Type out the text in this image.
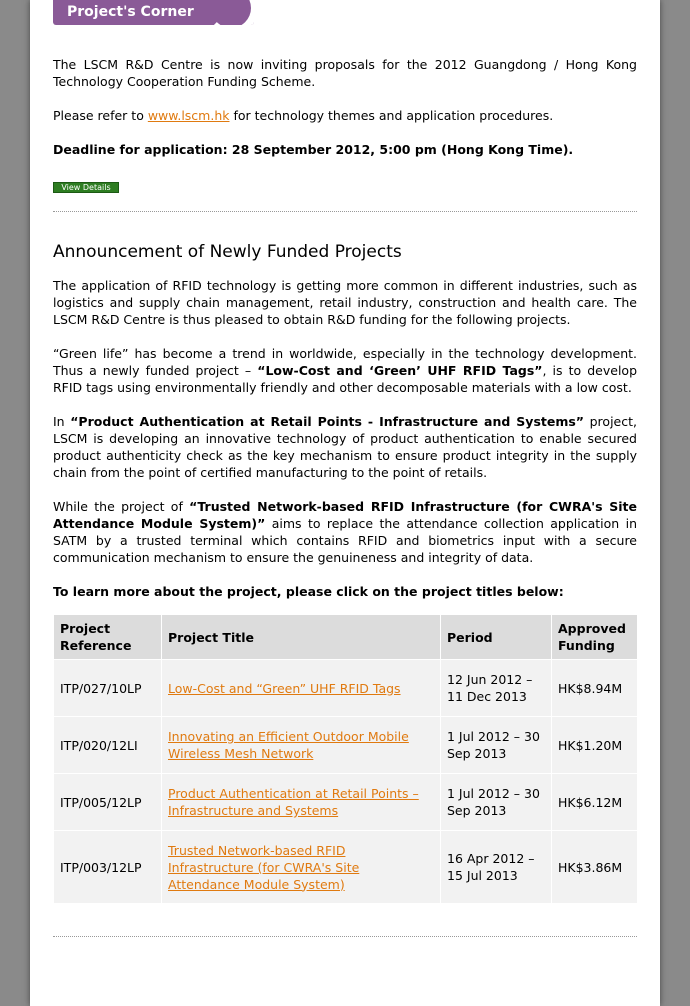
Project's Corner

The LSCM R&D Centre is now inviting proposals for the 2012 Guangdong / Hong Kong Technology Cooperation Funding Scheme.

Please refer to www.lscm.hk for technology themes and application procedures.

Deadline for application: 28 September 2012, 5:00 pm (Hong Kong Time).

View Details
Announcement of Newly Funded Projects

The application of RFID technology is getting more common in different industries, such as logistics and supply chain management, retail industry, construction and health care. The LSCM R&D Centre is thus pleased to obtain R&D funding for the following projects.

“Green life” has become a trend in worldwide, especially in the technology development. Thus a newly funded project – “Low-Cost and ‘Green’ UHF RFID Tags”, is to develop RFID tags using environmentally friendly and other decomposable materials with a low cost.

In “Product Authentication at Retail Points - Infrastructure and Systems” project, LSCM is developing an innovative technology of product authentication to enable secured product authenticity check as the key mechanism to ensure product integrity in the supply chain from the point of certified manufacturing to the point of retails.

While the project of “Trusted Network-based RFID Infrastructure (for CWRA's Site Attendance Module System)” aims to replace the attendance collection application in SATM by a trusted terminal which contains RFID and biometrics input with a secure communication mechanism to ensure the genuineness and integrity of data.

To learn more about the project, please click on the project titles below:

Project Reference	Project Title	Period	Approved Funding
ITP/027/10LP	Low-Cost and “Green” UHF RFID Tags	12 Jun 2012 – 11 Dec 2013	HK$8.94M
ITP/020/12LI	Innovating an Efficient Outdoor Mobile Wireless Mesh Network	1 Jul 2012 – 30 Sep 2013	HK$1.20M
ITP/005/12LP	Product Authentication at Retail Points – Infrastructure and Systems	1 Jul 2012 – 30 Sep 2013	HK$6.12M
ITP/003/12LP	Trusted Network-based RFID Infrastructure (for CWRA's Site Attendance Module System)	16 Apr 2012 – 15 Jul 2013	HK$3.86M
